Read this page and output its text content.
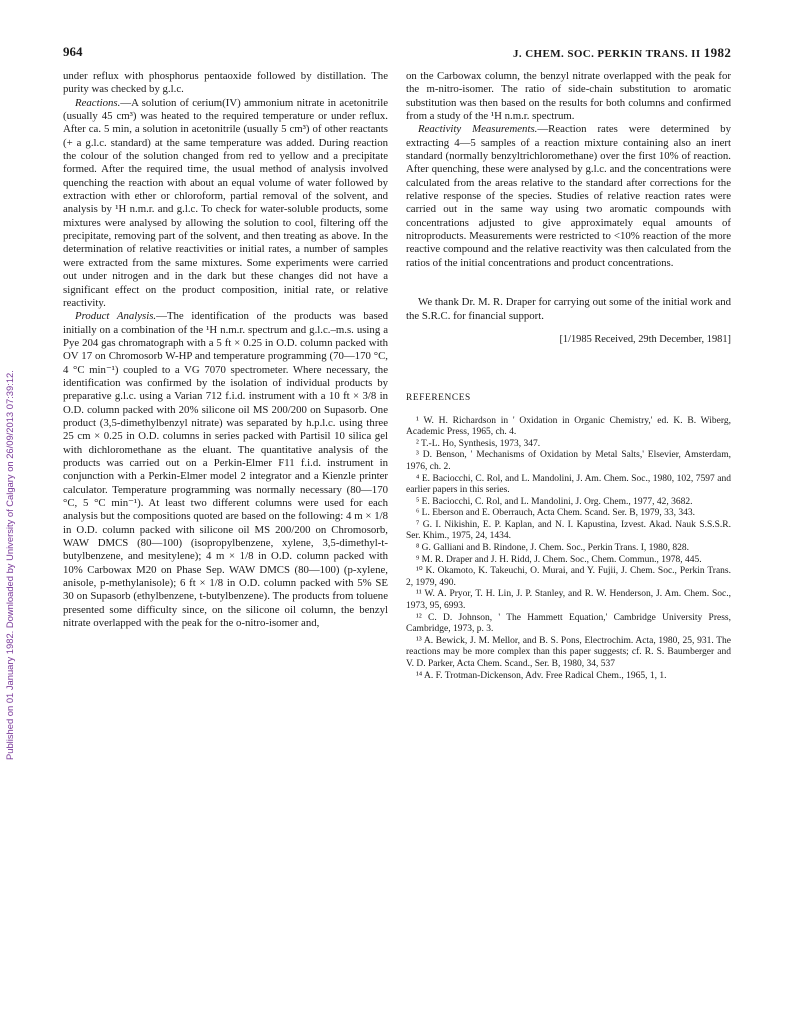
964	J. CHEM. SOC. PERKIN TRANS. II 1982
Published on 01 January 1982. Downloaded by University of Calgary on 26/09/2013 07:39:12.

under reflux with phosphorus pentaoxide followed by distillation. The purity was checked by g.l.c.

Reactions.—A solution of cerium(IV) ammonium nitrate in acetonitrile (usually 45 cm³) was heated to the required temperature or under reflux. After ca. 5 min, a solution in acetonitrile (usually 5 cm³) of other reactants (+ a g.l.c. standard) at the same temperature was added. During reaction the colour of the solution changed from red to yellow and a precipitate formed. After the required time, the usual method of analysis involved quenching the reaction with about an equal volume of water followed by extraction with ether or chloroform, partial removal of the solvent, and analysis by ¹H n.m.r. and g.l.c. To check for water-soluble products, some mixtures were analysed by allowing the solution to cool, filtering off the precipitate, removing part of the solvent, and then treating as above. In the determination of relative reactivities or initial rates, a number of samples were extracted from the same mixtures. Some experiments were carried out under nitrogen and in the dark but these changes did not have a significant effect on the product composition, initial rate, or relative reactivity.

Product Analysis.—The identification of the products was based initially on a combination of the ¹H n.m.r. spectrum and g.l.c.–m.s. using a Pye 204 gas chromatograph with a 5 ft × 0.25 in O.D. column packed with OV 17 on Chromosorb W-HP and temperature programming (70—170 °C, 4 °C min⁻¹) coupled to a VG 7070 spectrometer. Where necessary, the identification was confirmed by the isolation of individual products by preparative g.l.c. using a Varian 712 f.i.d. instrument with a 10 ft × 3/8 in O.D. column packed with 20% silicone oil MS 200/200 on Supasorb. One product (3,5-dimethylbenzyl nitrate) was separated by h.p.l.c. using three 25 cm × 0.25 in O.D. columns in series packed with Partisil 10 silica gel with dichloromethane as the eluant. The quantitative analysis of the products was carried out on a Perkin-Elmer F11 f.i.d. instrument in conjunction with a Perkin-Elmer model 2 integrator and a Kienzle printer calculator. Temperature programming was normally necessary (80—170 °C, 5 °C min⁻¹). At least two different columns were used for each analysis but the compositions quoted are based on the following: 4 m × 1/8 in O.D. column packed with silicone oil MS 200/200 on Chromosorb, WAW DMCS (80—100) (isopropylbenzene, xylene, 3,5-dimethyl-t-butylbenzene, and mesitylene); 4 m × 1/8 in O.D. column packed with 10% Carbowax M20 on Phase Sep. WAW DMCS (80—100) (p-xylene, anisole, p-methylanisole); 6 ft × 1/8 in O.D. column packed with 5% SE 30 on Supasorb (ethylbenzene, t-butylbenzene). The products from toluene presented some difficulty since, on the silicone oil column, the benzyl nitrate overlapped with the peak for the o-nitro-isomer and,

on the Carbowax column, the benzyl nitrate overlapped with the peak for the m-nitro-isomer. The ratio of side-chain substitution to aromatic substitution was then based on the results for both columns and confirmed from a study of the ¹H n.m.r. spectrum.

Reactivity Measurements.—Reaction rates were determined by extracting 4—5 samples of a reaction mixture containing also an inert standard (normally benzyltrichloromethane) over the first 10% of reaction. After quenching, these were analysed by g.l.c. and the concentrations were calculated from the areas relative to the standard after corrections for the relative response of the species. Studies of relative reaction rates were carried out in the same way using two aromatic compounds with concentrations adjusted to give approximately equal amounts of nitroproducts. Measurements were restricted to <10% reaction of the more reactive compound and the relative reactivity was then calculated from the ratios of the initial concentrations and product concentrations.

We thank Dr. M. R. Draper for carrying out some of the initial work and the S.R.C. for financial support.

[1/1985 Received, 29th December, 1981]
REFERENCES
¹ W. H. Richardson in ' Oxidation in Organic Chemistry,' ed. K. B. Wiberg, Academic Press, 1965, ch. 4.
² T.-L. Ho, Synthesis, 1973, 347.
³ D. Benson, ' Mechanisms of Oxidation by Metal Salts,' Elsevier, Amsterdam, 1976, ch. 2.
⁴ E. Baciocchi, C. Rol, and L. Mandolini, J. Am. Chem. Soc., 1980, 102, 7597 and earlier papers in this series.
⁵ E. Baciocchi, C. Rol, and L. Mandolini, J. Org. Chem., 1977, 42, 3682.
⁶ L. Eberson and E. Oberrauch, Acta Chem. Scand. Ser. B, 1979, 33, 343.
⁷ G. I. Nikishin, E. P. Kaplan, and N. I. Kapustina, Izvest. Akad. Nauk S.S.S.R. Ser. Khim., 1975, 24, 1434.
⁸ G. Galliani and B. Rindone, J. Chem. Soc., Perkin Trans. I, 1980, 828.
⁹ M. R. Draper and J. H. Ridd, J. Chem. Soc., Chem. Commun., 1978, 445.
¹⁰ K. Okamoto, K. Takeuchi, O. Murai, and Y. Fujii, J. Chem. Soc., Perkin Trans. 2, 1979, 490.
¹¹ W. A. Pryor, T. H. Lin, J. P. Stanley, and R. W. Henderson, J. Am. Chem. Soc., 1973, 95, 6993.
¹² C. D. Johnson, ' The Hammett Equation,' Cambridge University Press, Cambridge, 1973, p. 3.
¹³ A. Bewick, J. M. Mellor, and B. S. Pons, Electrochim. Acta, 1980, 25, 931. The reactions may be more complex than this paper suggests; cf. R. S. Baumberger and V. D. Parker, Acta Chem. Scand., Ser. B, 1980, 34, 537
¹⁴ A. F. Trotman-Dickenson, Adv. Free Radical Chem., 1965, 1, 1.
